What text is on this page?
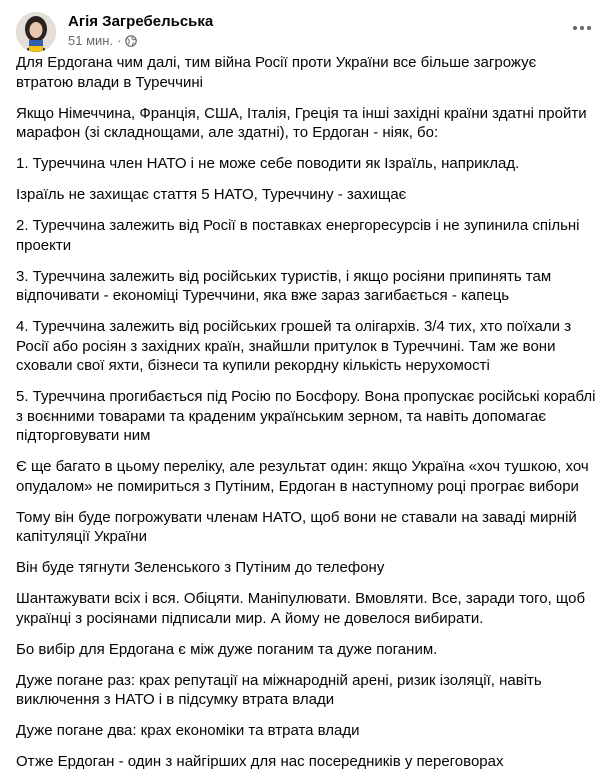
Агія Загребельська
51 мин. ·

Для Ердогана чим далі, тим війна Росії проти України все більше загрожує втратою влади в Туреччині

Якщо Німеччина, Франція, США, Італія, Греція та інші західні країни здатні пройти марафон (зі складнощами, але здатні), то Ердоган - ніяк, бо:

1. Туреччина член НАТО і не може себе поводити як Ізраїль, наприклад.

Ізраїль не захищає стаття 5 НАТО, Туреччину - захищає

2. Туреччина залежить від Росії в поставках енергоресурсів і не зупинила спільні проекти

3. Туреччина залежить від російських туристів, і якщо росіяни припинять там відпочивати - економіці Туреччини, яка вже зараз загибається - капець

4. Туреччина залежить від російських грошей та олігархів. 3/4 тих, хто поїхали з Росії або росіян з західних країн, знайшли притулок в Туреччині. Там же вони сховали свої яхти, бізнеси та купили рекордну кількість нерухомості

5. Туреччина прогибається під Росію по Босфору. Вона пропускає російські кораблі з воєнними товарами та краденим українським зерном, та навіть допомагає підторговувати ним

Є ще багато в цьому переліку, але результат один: якщо Україна «хоч тушкою, хоч опудалом» не помириться з Путіним, Ердоган в наступному році програє вибори

Тому він буде погрожувати членам НАТО, щоб вони не ставали на заваді мирній капітуляції України

Він буде тягнути Зеленського з Путіним до телефону

Шантажувати всіх і вся. Обіцяти. Маніпулювати. Вмовляти. Все, заради того, щоб українці з росіянами підписали мир. А йому не довелося вибирати.

Бо вибір для Ердогана є між дуже поганим та дуже поганим.

Дуже погане раз: крах репутації на міжнародній арені, ризик ізоляції, навіть виключення з НАТО і в підсумку втрата влади

Дуже погане два: крах економіки та втрата влади

Отже Ердоган - один з найгірших для нас посередників у переговорах
